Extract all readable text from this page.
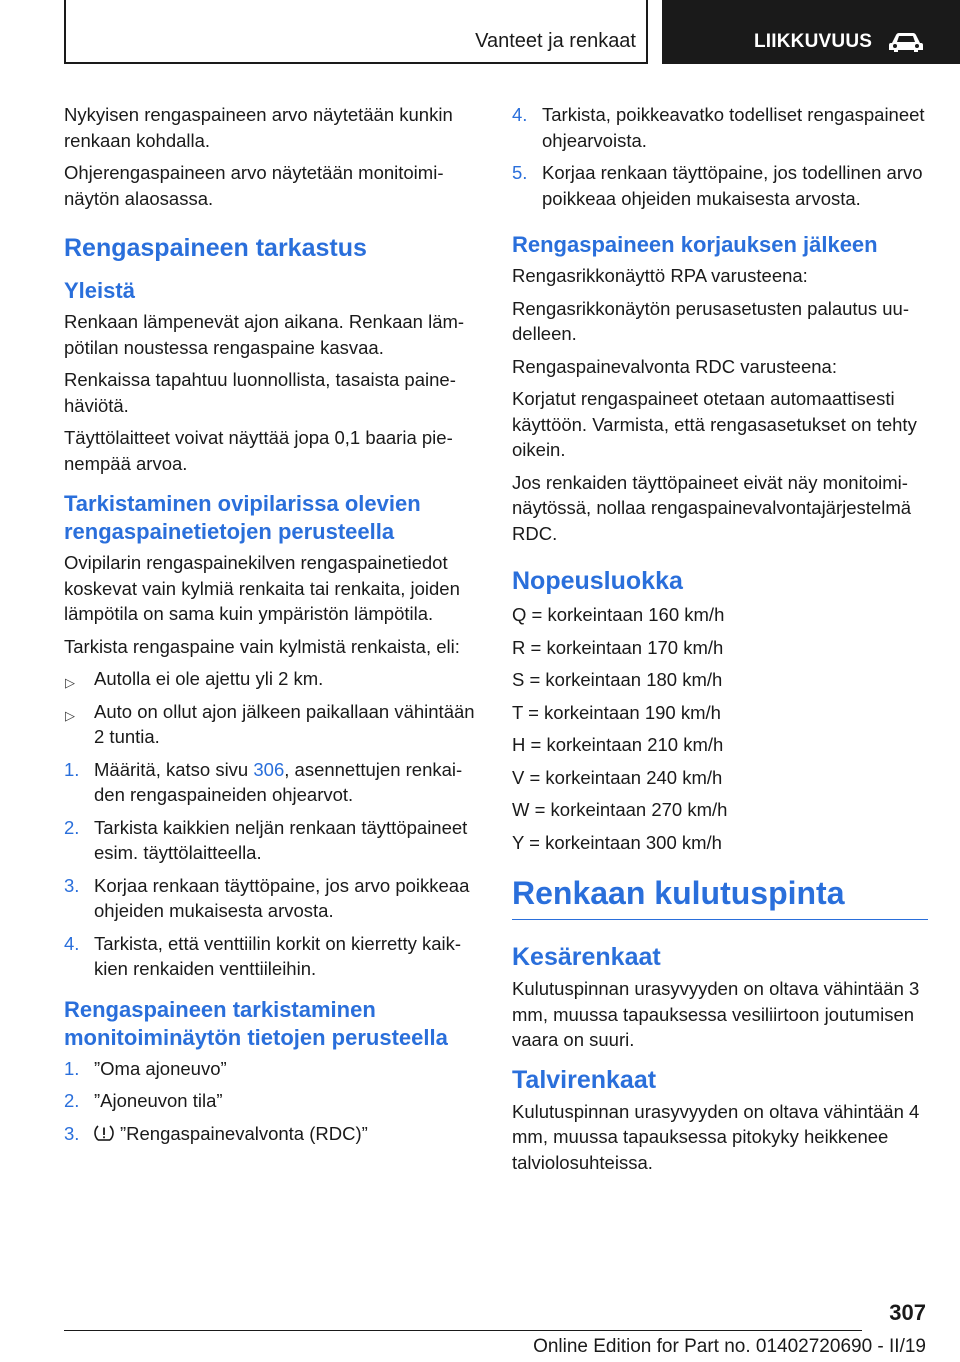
Vanteet ja renkaat	LIIKKUVUUS

Nykyisen rengaspaineen arvo näytetään kunkin renkaan kohdalla.

Ohjerengaspaineen arvo näytetään monitoiminäytön alaosassa.

Rengaspaineen tarkastus
Yleistä

Renkaan lämpenevät ajon aikana. Renkaan lämpötilan noustessa rengaspaine kasvaa.

Renkaissa tapahtuu luonnollista, tasaista painehäviötä.

Täyttölaitteet voivat näyttää jopa 0,1 baaria pienempää arvoa.

Tarkistaminen ovipilarissa olevien rengaspainetietojen perusteella

Ovipilarin rengaspainekilven rengaspainetiedot koskevat vain kylmiä renkaita tai renkaita, joiden lämpötila on sama kuin ympäristön lämpötila.

Tarkista rengaspaine vain kylmistä renkaista, eli:

▷ Autolla ei ole ajettu yli 2 km.
▷ Auto on ollut ajon jälkeen paikallaan vähintään 2 tuntia.
1. Määritä, katso sivu 306, asennettujen renkaiden rengaspaineiden ohjearvot.
2. Tarkista kaikkien neljän renkaan täyttöpaineet esim. täyttölaitteella.
3. Korjaa renkaan täyttöpaine, jos arvo poikkeaa ohjeiden mukaisesta arvosta.
4. Tarkista, että venttiilin korkit on kierretty kaikkien renkaiden venttiileihin.
Rengaspaineen tarkistaminen monitoiminäytön tietojen perusteella
1. ”Oma ajoneuvo”
2. ”Ajoneuvon tila”
3. ”Rengaspainevalvonta (RDC)”
4. Tarkista, poikkeavatko todelliset rengaspaineet ohjearvoista.
5. Korjaa renkaan täyttöpaine, jos todellinen arvo poikkeaa ohjeiden mukaisesta arvosta.
Rengaspaineen korjauksen jälkeen

Rengasrikkonäyttö RPA varusteena:

Rengasrikkonäytön perusasetusten palautus uudelleen.

Rengaspainevalvonta RDC varusteena:

Korjatut rengaspaineet otetaan automaattisesti käyttöön. Varmista, että rengasasetukset on tehty oikein.

Jos renkaiden täyttöpaineet eivät näy monitoiminäytössä, nollaa rengaspainevalvontajärjestelmä RDC.

Nopeusluokka

Q = korkeintaan 160 km/h

R = korkeintaan 170 km/h

S = korkeintaan 180 km/h

T = korkeintaan 190 km/h

H = korkeintaan 210 km/h

V = korkeintaan 240 km/h

W = korkeintaan 270 km/h

Y = korkeintaan 300 km/h

Renkaan kulutuspinta
Kesärenkaat

Kulutuspinnan urasyvyyden on oltava vähintään 3 mm, muussa tapauksessa vesiliirtoon joutumisen vaara on suuri.

Talvirenkaat

Kulutuspinnan urasyvyyden on oltava vähintään 4 mm, muussa tapauksessa pitokyky heikkenee talviolosuhteissa.

307
Online Edition for Part no. 01402720690 - II/19
